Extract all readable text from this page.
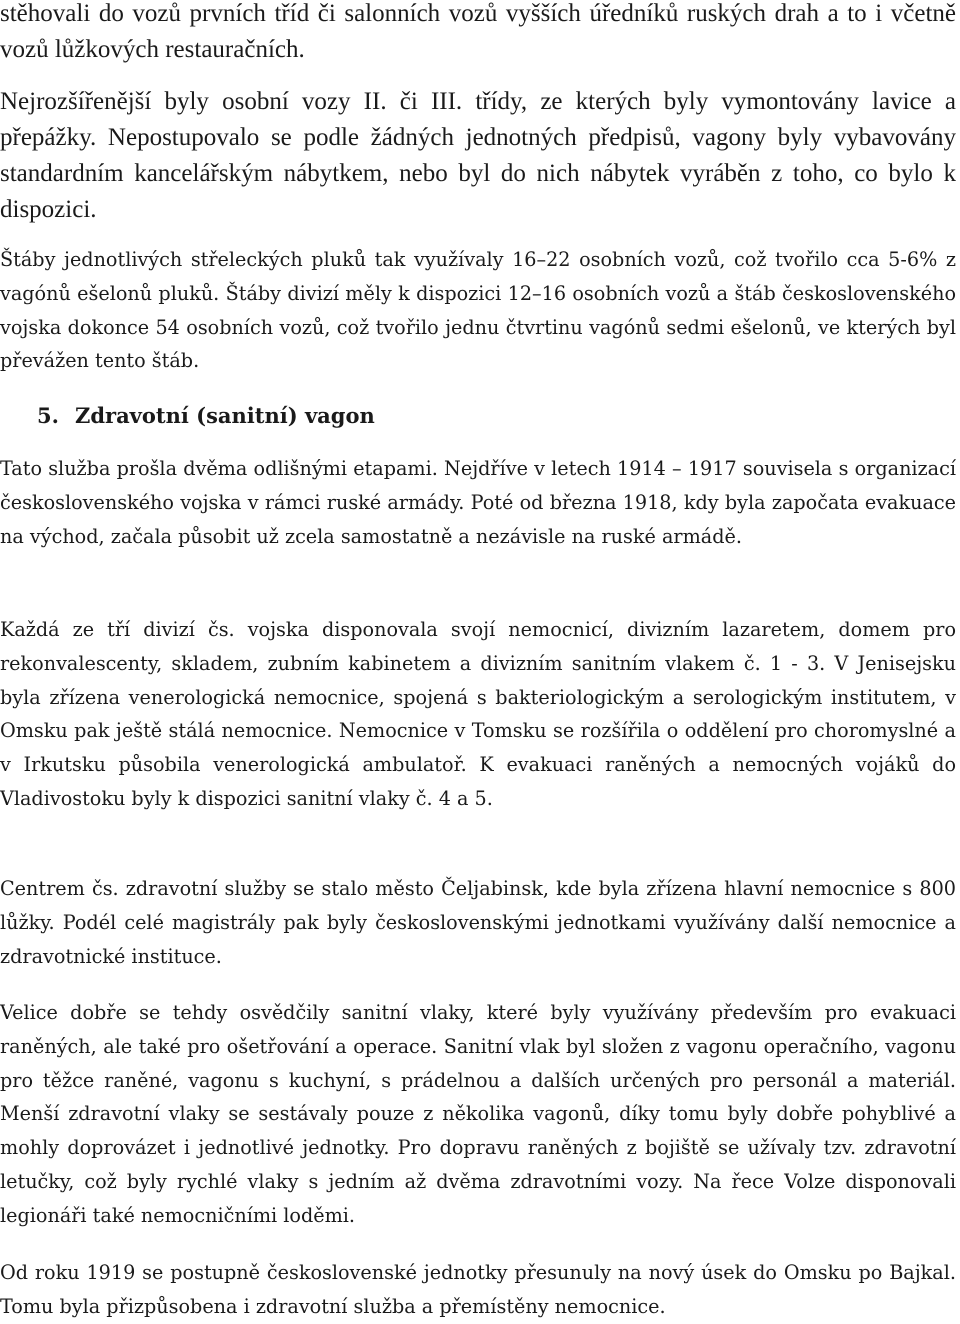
stěhovali do vozů prvních tříd či salonních vozů vyšších úředníků ruských drah a to i včetně vozů lůžkových restauračních.

Nejrozšířenější byly osobní vozy II. či III. třídy, ze kterých byly vymontovány lavice a přepážky. Nepostupovalo se podle žádných jednotných předpisů, vagony byly vybavovány standardním kancelářským nábytkem, nebo byl do nich nábytek vyráběn z toho, co bylo k dispozici.

Štáby jednotlivých střeleckých pluků tak využívaly 16–22 osobních vozů, což tvořilo cca 5-6% z vagónů ešelonů pluků. Štáby divizí měly k dispozici 12–16 osobních vozů a štáb československého vojska dokonce 54 osobních vozů, což tvořilo jednu čtvrtinu vagónů sedmi ešelonů, ve kterých byl převážen tento štáb.

5. Zdravotní (sanitní) vagon

Tato služba prošla dvěma odlišnými etapami. Nejdříve v letech 1914 – 1917 souvisela s organizací československého vojska v rámci ruské armády. Poté od března 1918, kdy byla započata evakuace na východ, začala působit už zcela samostatně a nezávisle na ruské armádě.

Každá ze tří divizí čs. vojska disponovala svojí nemocnicí, divizním lazaretem, domem pro rekonvalescenty, skladem, zubním kabinetem a divizním sanitním vlakem č. 1 - 3. V Jenisejsku byla zřízena venerologická nemocnice, spojená s bakteriologickým a serologickým institutem, v Omsku pak ještě stálá nemocnice. Nemocnice v Tomsku se rozšířila o oddělení pro choromyslné a v Irkutsku působila venerologická ambulatoř. K evakuaci raněných a nemocných vojáků do Vladivostoku byly k dispozici sanitní vlaky č. 4 a 5.

Centrem čs. zdravotní služby se stalo město Čeljabinsk, kde byla zřízena hlavní nemocnice s 800 lůžky. Podél celé magistrály pak byly československými jednotkami využívány další nemocnice a zdravotnické instituce.

Velice dobře se tehdy osvědčily sanitní vlaky, které byly využívány především pro evakuaci raněných, ale také pro ošetřování a operace. Sanitní vlak byl složen z vagonu operačního, vagonu pro těžce raněné, vagonu s kuchyní, s prádelnou a dalších určených pro personál a materiál. Menší zdravotní vlaky se sestávaly pouze z několika vagonů, díky tomu byly dobře pohyblivé a mohly doprovázet i jednotlivé jednotky. Pro dopravu raněných z bojiště se užívaly tzv. zdravotní letučky, což byly rychlé vlaky s jedním až dvěma zdravotními vozy. Na řece Volze disponovali legionáři také nemocničními loděmi.

Od roku 1919 se postupně československé jednotky přesunuly na nový úsek do Omsku po Bajkal. Tomu byla přizpůsobena i zdravotní služba a přemístěny nemocnice.
